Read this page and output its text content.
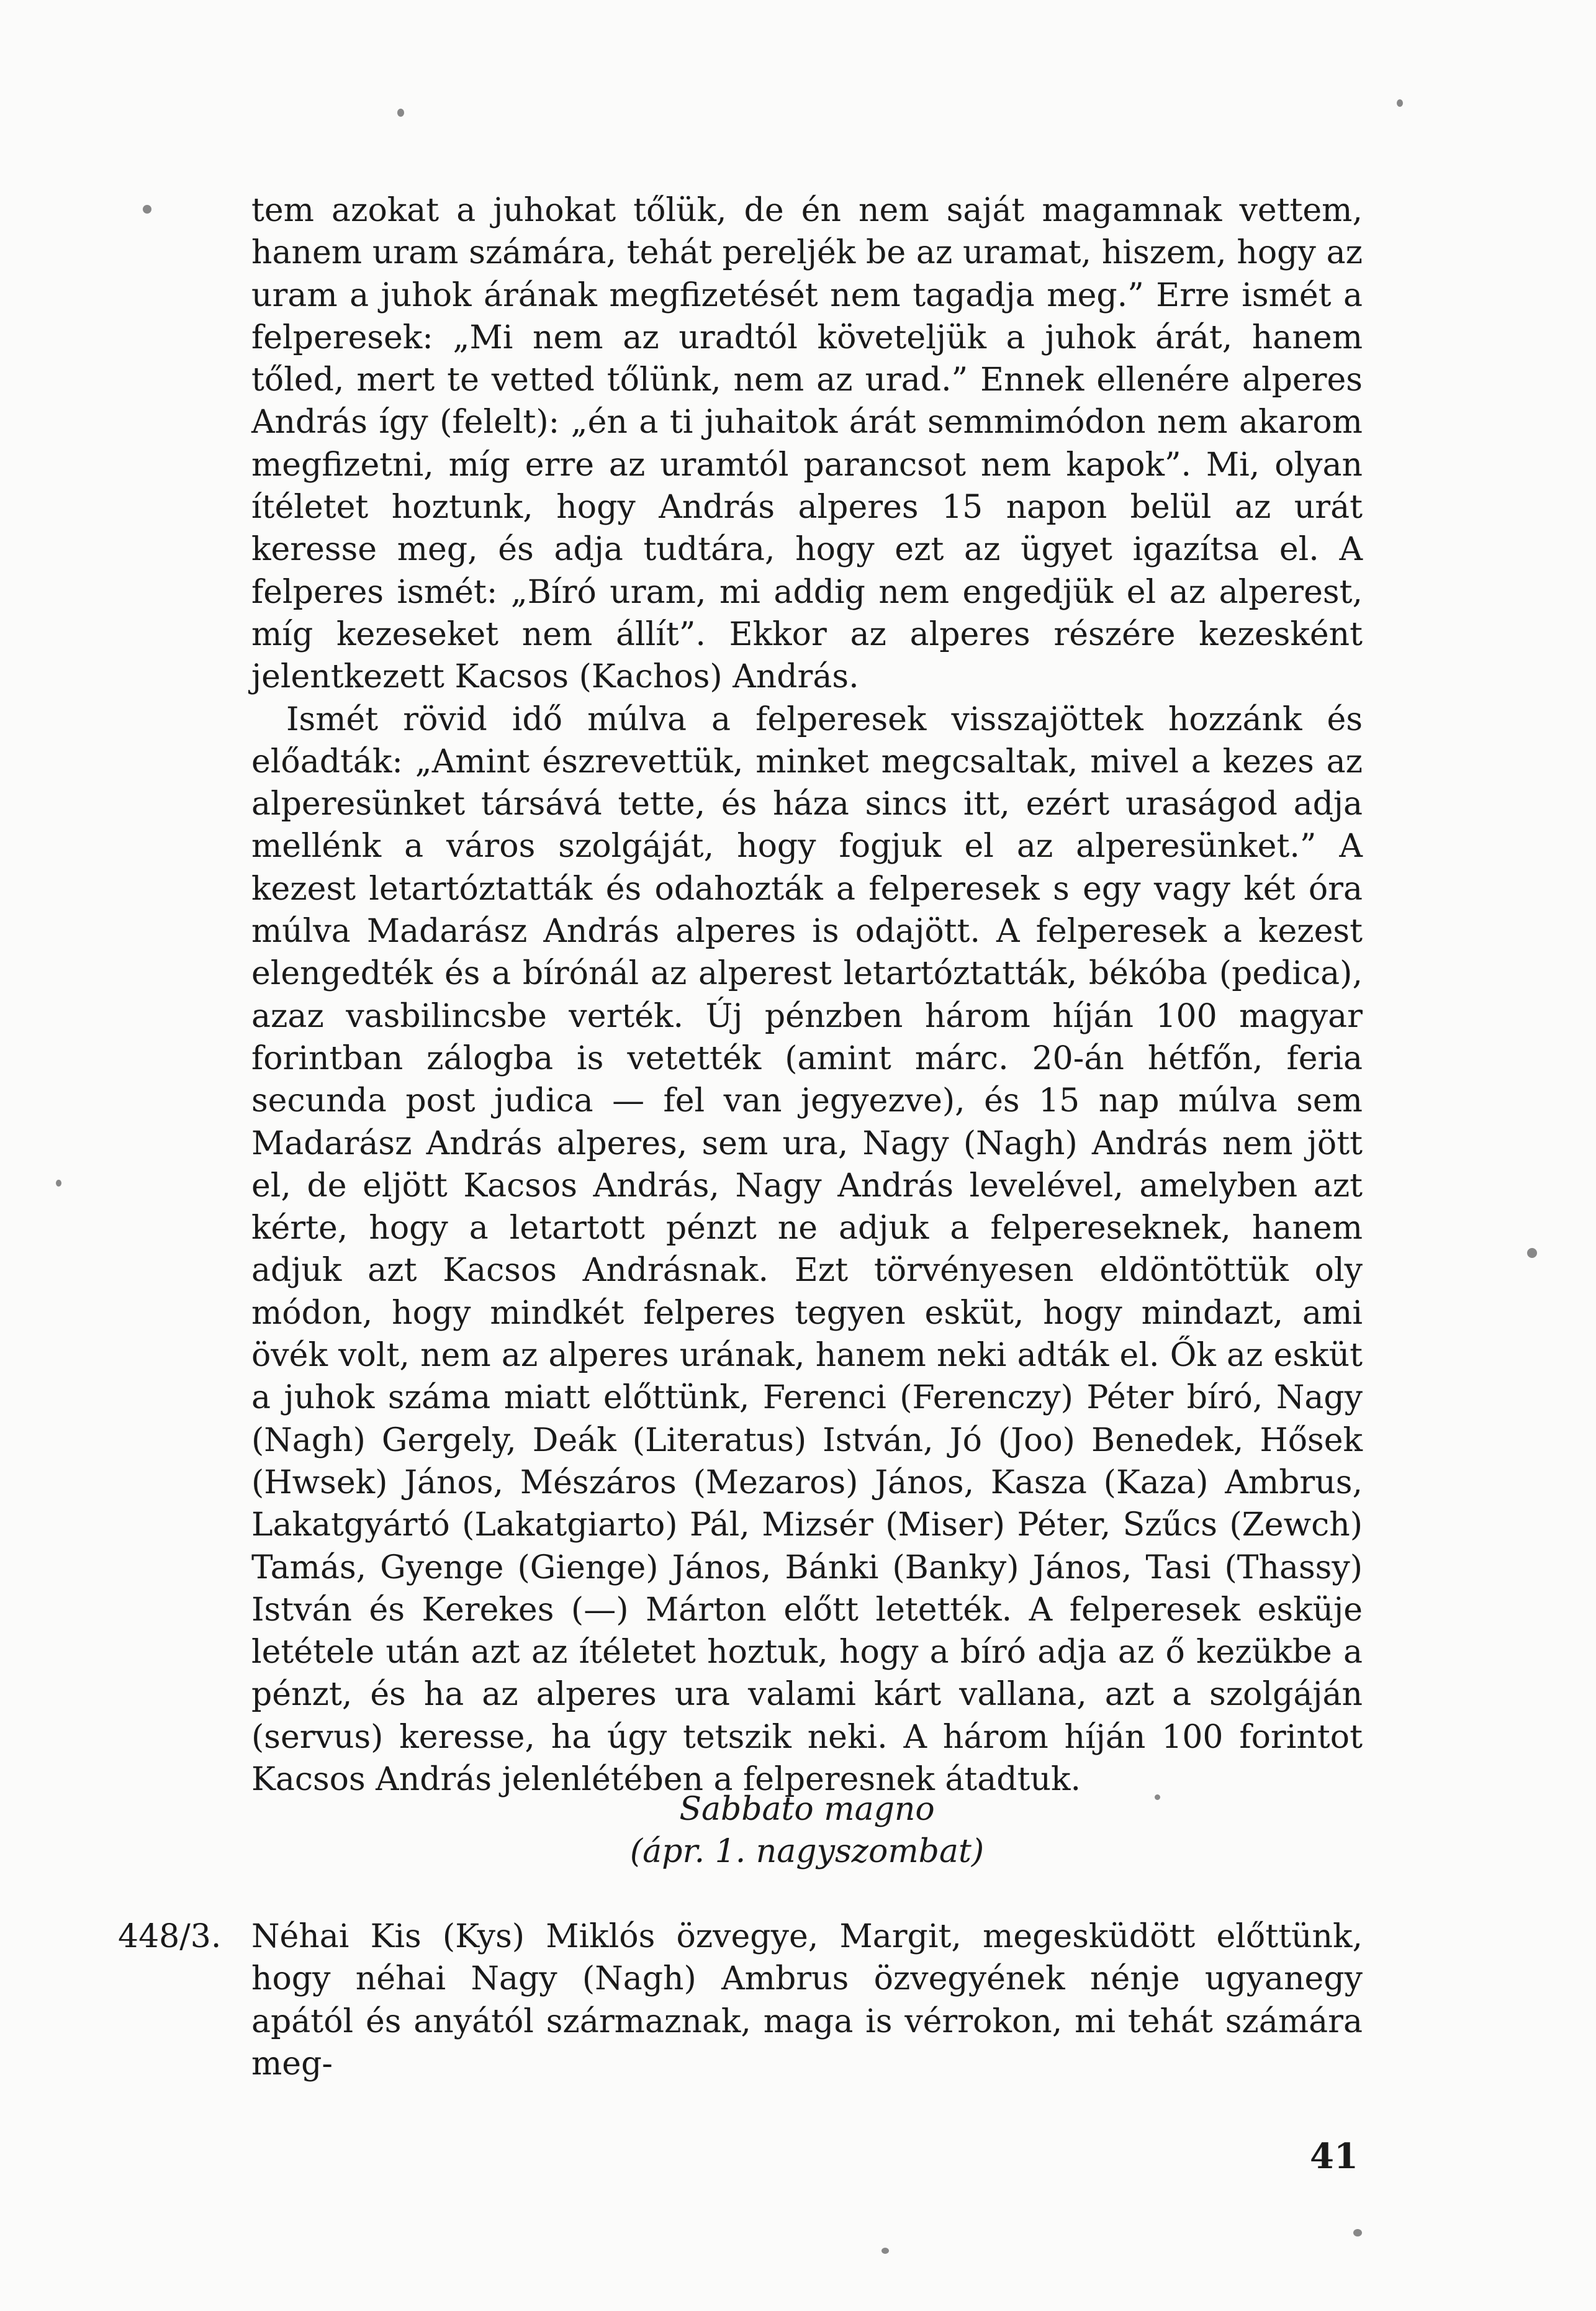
tem azokat a juhokat tőlük, de én nem saját magamnak vettem, hanem uram számára, tehát pereljék be az uramat, hiszem, hogy az uram a juhok árának megfizetését nem tagadja meg.” Erre ismét a felperesek: „Mi nem az uradtól követeljük a juhok árát, hanem tőled, mert te vetted tőlünk, nem az urad.” Ennek ellenére alperes András így (felelt): „én a ti juhaitok árát semmimódon nem akarom megfizetni, míg erre az uramtól parancsot nem kapok”. Mi, olyan ítéletet hoztunk, hogy András alperes 15 napon belül az urát keresse meg, és adja tudtára, hogy ezt az ügyet igazítsa el. A felperes ismét: „Bíró uram, mi addig nem engedjük el az alperest, míg kezeseket nem állít”. Ekkor az alperes részére kezesként jelentkezett Kacsos (Kachos) András.

Ismét rövid idő múlva a felperesek visszajöttek hozzánk és előadták: „Amint észrevettük, minket megcsaltak, mivel a kezes az alperesünket társává tette, és háza sincs itt, ezért uraságod adja mellénk a város szolgáját, hogy fogjuk el az alperesünket.” A kezest letartóztatták és odahozták a felperesek s egy vagy két óra múlva Madarász András alperes is odajött. A felperesek a kezest elengedték és a bírónál az alperest letartóztatták, békóba (pedica), azaz vasbilincsbe verték. Új pénzben három híján 100 magyar forintban zálogba is vetették (amint márc. 20-án hétfőn, feria secunda post judica — fel van jegyezve), és 15 nap múlva sem Madarász András alperes, sem ura, Nagy (Nagh) András nem jött el, de eljött Kacsos András, Nagy András levelével, amelyben azt kérte, hogy a letartott pénzt ne adjuk a felpereseknek, hanem adjuk azt Kacsos Andrásnak. Ezt törvényesen eldöntöttük oly módon, hogy mindkét felperes tegyen esküt, hogy mindazt, ami övék volt, nem az alperes urának, hanem neki adták el. Ők az esküt a juhok száma miatt előttünk, Ferenci (Ferenczy) Péter bíró, Nagy (Nagh) Gergely, Deák (Literatus) István, Jó (Joo) Benedek, Hősek (Hwsek) János, Mészáros (Mezaros) János, Kasza (Kaza) Ambrus, Lakatgyártó (Lakatgiarto) Pál, Mizsér (Miser) Péter, Szűcs (Zewch) Tamás, Gyenge (Gienge) János, Bánki (Banky) János, Tasi (Thassy) István és Kerekes (—) Márton előtt letették. A felperesek esküje letétele után azt az ítéletet hoztuk, hogy a bíró adja az ő kezükbe a pénzt, és ha az alperes ura valami kárt vallana, azt a szolgáján (servus) keresse, ha úgy tetszik neki. A három híján 100 forintot Kacsos András jelenlétében a felperesnek átadtuk.

Sabbato magno
(ápr. 1. nagyszombat)
448/3. Néhai Kis (Kys) Miklós özvegye, Margit, megesküdött előttünk, hogy néhai Nagy (Nagh) Ambrus özvegyének nénje ugyanegy apától és anyától származnak, maga is vérrokon, mi tehát számára meg-
41
